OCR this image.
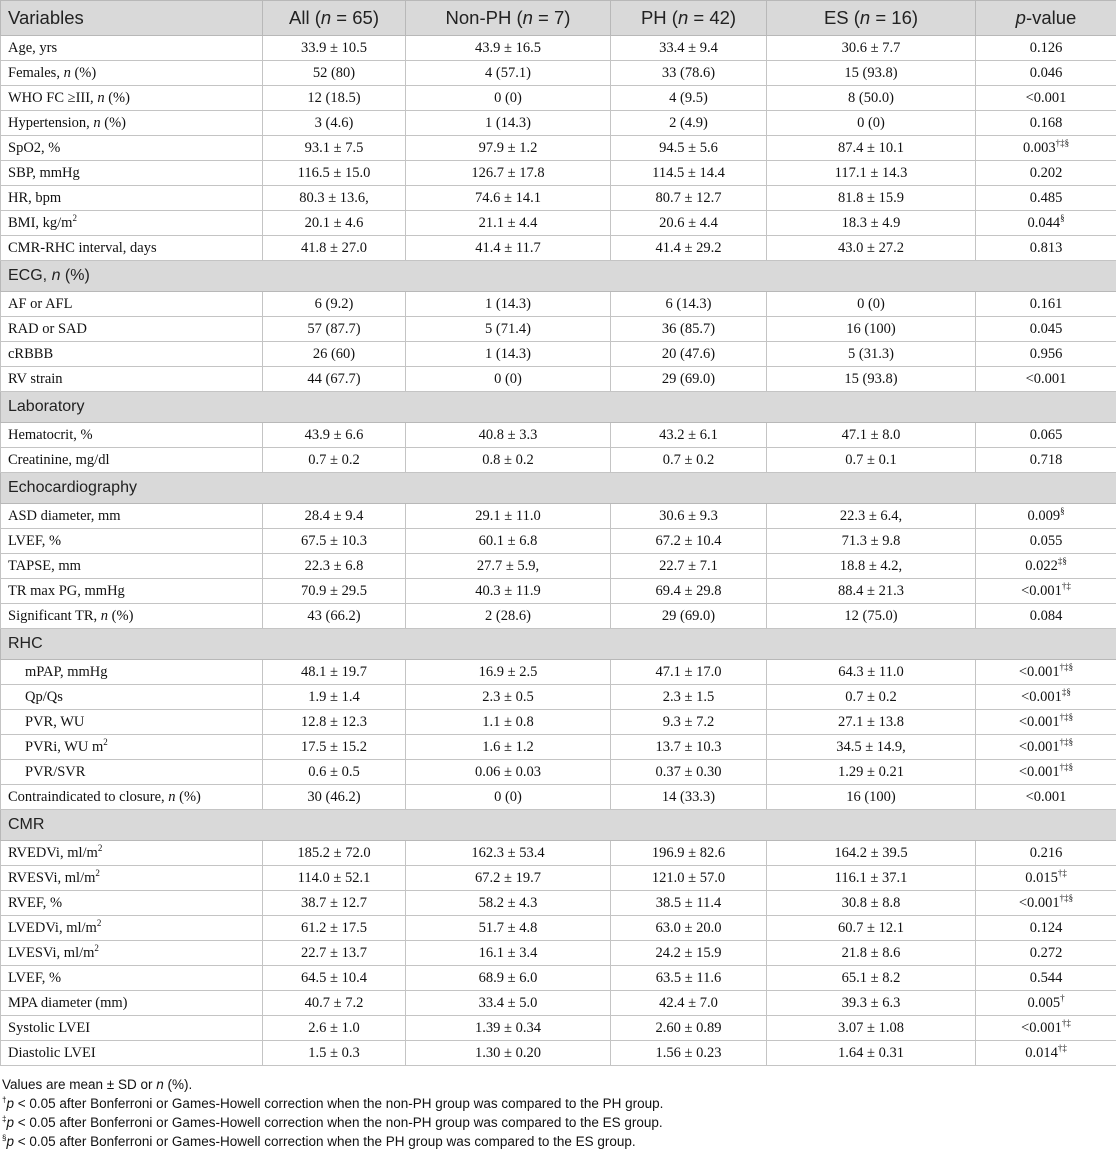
Variables	All (n = 65)	Non-PH (n = 7)	PH (n = 42)	ES (n = 16)	p-value
Age, yrs	33.9 ± 10.5	43.9 ± 16.5	33.4 ± 9.4	30.6 ± 7.7	0.126
Females, n (%)	52 (80)	4 (57.1)	33 (78.6)	15 (93.8)	0.046
WHO FC ≥III, n (%)	12 (18.5)	0 (0)	4 (9.5)	8 (50.0)	<0.001
Hypertension, n (%)	3 (4.6)	1 (14.3)	2 (4.9)	0 (0)	0.168
SpO2, %	93.1 ± 7.5	97.9 ± 1.2	94.5 ± 5.6	87.4 ± 10.1	0.003†‡§
SBP, mmHg	116.5 ± 15.0	126.7 ± 17.8	114.5 ± 14.4	117.1 ± 14.3	0.202
HR, bpm	80.3 ± 13.6,	74.6 ± 14.1	80.7 ± 12.7	81.8 ± 15.9	0.485
BMI, $kg/m^2$	20.1 ± 4.6	21.1 ± 4.4	20.6 ± 4.4	18.3 ± 4.9	0.044§
CMR-RHC interval, days	41.8 ± 27.0	41.4 ± 11.7	41.4 ± 29.2	43.0 ± 27.2	0.813
ECG, n (%)					
AF or AFL	6 (9.2)	1 (14.3)	6 (14.3)	0 (0)	0.161
RAD or SAD	57 (87.7)	5 (71.4)	36 (85.7)	16 (100)	0.045
cRBBB	26 (60)	1 (14.3)	20 (47.6)	5 (31.3)	0.956
RV strain	44 (67.7)	0 (0)	29 (69.0)	15 (93.8)	<0.001
Laboratory					
Hematocrit, %	43.9 ± 6.6	40.8 ± 3.3	43.2 ± 6.1	47.1 ± 8.0	0.065
Creatinine, mg/dl	0.7 ± 0.2	0.8 ± 0.2	0.7 ± 0.2	0.7 ± 0.1	0.718
Echocardiography					
ASD diameter, mm	28.4 ± 9.4	29.1 ± 11.0	30.6 ± 9.3	22.3 ± 6.4,	0.009§
LVEF, %	67.5 ± 10.3	60.1 ± 6.8	67.2 ± 10.4	71.3 ± 9.8	0.055
TAPSE, mm	22.3 ± 6.8	27.7 ± 5.9,	22.7 ± 7.1	18.8 ± 4.2,	0.022‡§
TR max PG, mmHg	70.9 ± 29.5	40.3 ± 11.9	69.4 ± 29.8	88.4 ± 21.3	<0.001†‡
Significant TR, n (%)	43 (66.2)	2 (28.6)	29 (69.0)	12 (75.0)	0.084
RHC					
mPAP, mmHg	48.1 ± 19.7	16.9 ± 2.5	47.1 ± 17.0	64.3 ± 11.0	<0.001†‡§
Qp/Qs	1.9 ± 1.4	2.3 ± 0.5	2.3 ± 1.5	0.7 ± 0.2	<0.001‡§
PVR, WU	12.8 ± 12.3	1.1 ± 0.8	9.3 ± 7.2	27.1 ± 13.8	<0.001†‡§
PVRi, WU $m^2$	17.5 ± 15.2	1.6 ± 1.2	13.7 ± 10.3	34.5 ± 14.9,	<0.001†‡§
PVR/SVR	0.6 ± 0.5	0.06 ± 0.03	0.37 ± 0.30	1.29 ± 0.21	<0.001†‡§
Contraindicated to closure, n (%)	30 (46.2)	0 (0)	14 (33.3)	16 (100)	<0.001
CMR					
RVEDVi, $ml/m^2$	185.2 ± 72.0	162.3 ± 53.4	196.9 ± 82.6	164.2 ± 39.5	0.216
RVESVi, $ml/m^2$	114.0 ± 52.1	67.2 ± 19.7	121.0 ± 57.0	116.1 ± 37.1	0.015†‡
RVEF, %	38.7 ± 12.7	58.2 ± 4.3	38.5 ± 11.4	30.8 ± 8.8	<0.001†‡§
LVEDVi, $ml/m^2$	61.2 ± 17.5	51.7 ± 4.8	63.0 ± 20.0	60.7 ± 12.1	0.124
LVESVi, $ml/m^2$	22.7 ± 13.7	16.1 ± 3.4	24.2 ± 15.9	21.8 ± 8.6	0.272
LVEF, %	64.5 ± 10.4	68.9 ± 6.0	63.5 ± 11.6	65.1 ± 8.2	0.544
MPA diameter (mm)	40.7 ± 7.2	33.4 ± 5.0	42.4 ± 7.0	39.3 ± 6.3	0.005†
Systolic LVEI	2.6 ± 1.0	1.39 ± 0.34	2.60 ± 0.89	3.07 ± 1.08	<0.001†‡
Diastolic LVEI	1.5 ± 0.3	1.30 ± 0.20	1.56 ± 0.23	1.64 ± 0.31	0.014†‡
Values are mean ± SD or n (%).
†p < 0.05 after Bonferroni or Games-Howell correction when the non-PH group was compared to the PH group.
‡p < 0.05 after Bonferroni or Games-Howell correction when the non-PH group was compared to the ES group.
§p < 0.05 after Bonferroni or Games-Howell correction when the PH group was compared to the ES group.
